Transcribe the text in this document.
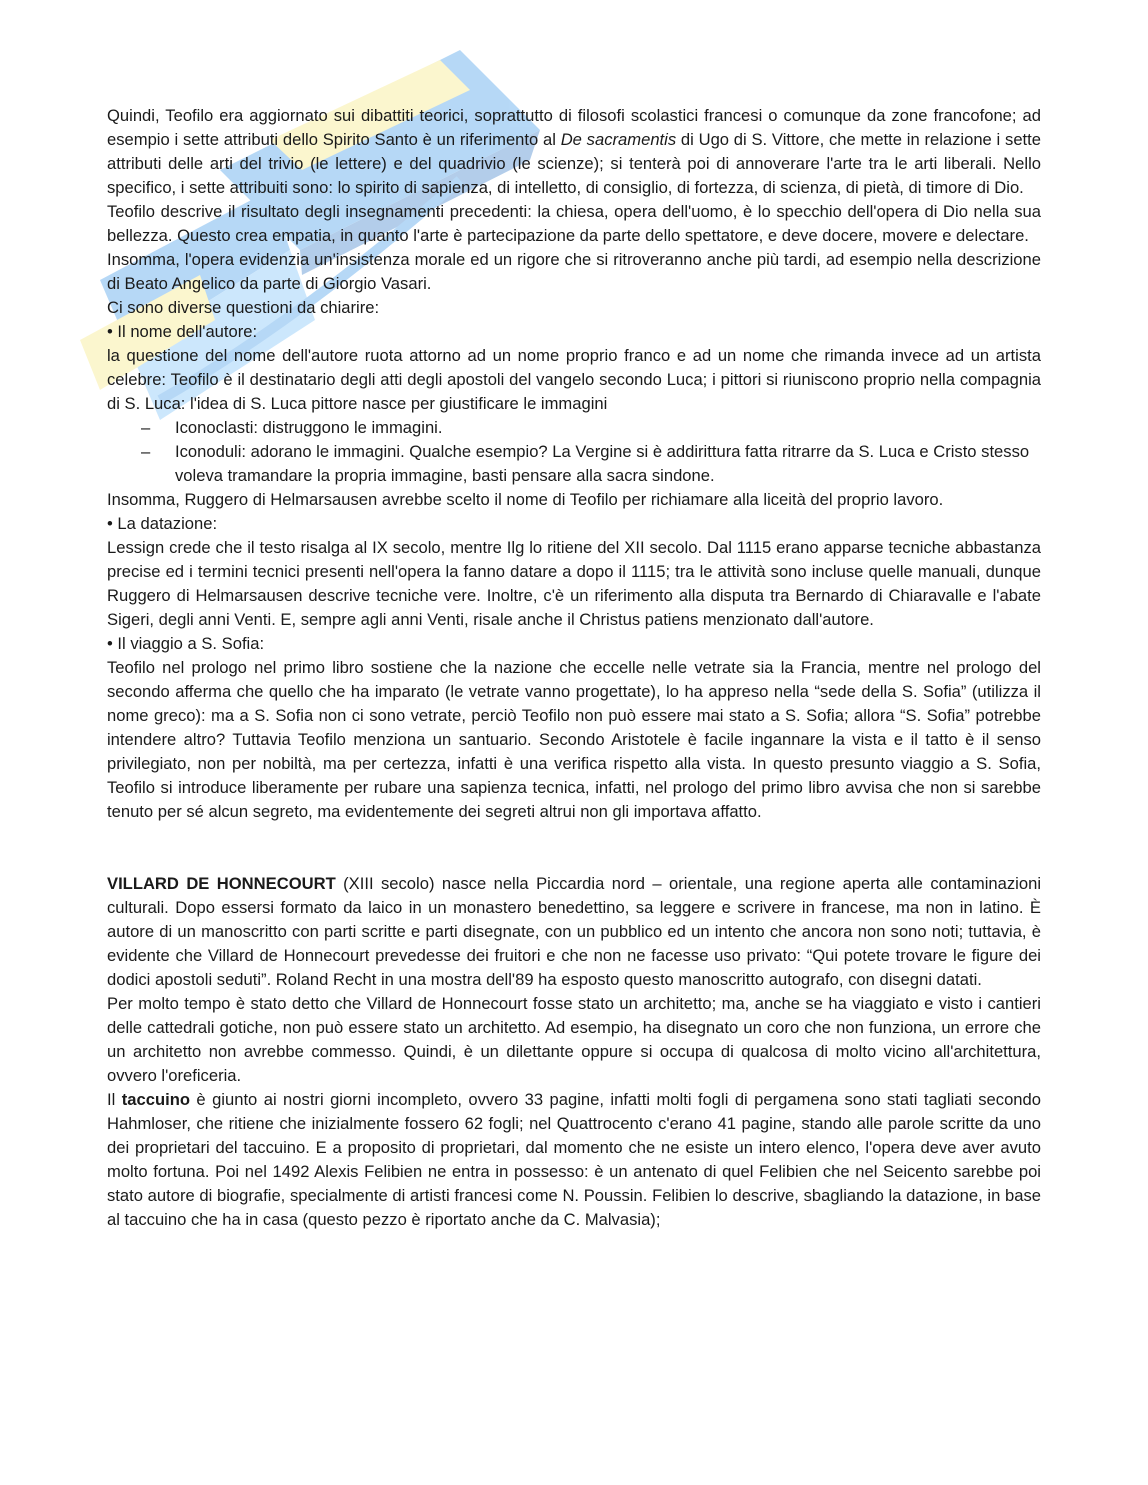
Quindi, Teofilo era aggiornato sui dibattiti teorici, soprattutto di filosofi scolastici francesi o comunque da zone francofone; ad esempio i sette attributi dello Spirito Santo è un riferimento al De sacramentis di Ugo di S. Vittore, che mette in relazione i sette attributi delle arti del trivio (le lettere) e del quadrivio (le scienze); si tenterà poi di annoverare l'arte tra le arti liberali. Nello specifico, i sette attribuiti sono: lo spirito di sapienza, di intelletto, di consiglio, di fortezza, di scienza, di pietà, di timore di Dio.

Teofilo descrive il risultato degli insegnamenti precedenti: la chiesa, opera dell'uomo, è lo specchio dell'opera di Dio nella sua bellezza. Questo crea empatia, in quanto l'arte è partecipazione da parte dello spettatore, e deve docere, movere e delectare.

Insomma, l'opera evidenzia un'insistenza morale ed un rigore che si ritroveranno anche più tardi, ad esempio nella descrizione di Beato Angelico da parte di Giorgio Vasari.

Ci sono diverse questioni da chiarire:

• Il nome dell'autore:

la questione del nome dell'autore ruota attorno ad un nome proprio franco e ad un nome che rimanda invece ad un artista celebre: Teofilo è il destinatario degli atti degli apostoli del vangelo secondo Luca; i pittori si riuniscono proprio nella compagnia di S. Luca: l'idea di S. Luca pittore nasce per giustificare le immagini

– Iconoclasti: distruggono le immagini.
– Iconoduli: adorano le immagini. Qualche esempio? La Vergine si è addirittura fatta ritrarre da S. Luca e Cristo stesso voleva tramandare la propria immagine, basti pensare alla sacra sindone.

Insomma, Ruggero di Helmarsausen avrebbe scelto il nome di Teofilo per richiamare alla liceità del proprio lavoro.

• La datazione:

Lessign crede che il testo risalga al IX secolo, mentre Ilg lo ritiene del XII secolo. Dal 1115 erano apparse tecniche abbastanza precise ed i termini tecnici presenti nell'opera la fanno datare a dopo il 1115; tra le attività sono incluse quelle manuali, dunque Ruggero di Helmarsausen descrive tecniche vere. Inoltre, c'è un riferimento alla disputa tra Bernardo di Chiaravalle e l'abate Sigeri, degli anni Venti. E, sempre agli anni Venti, risale anche il Christus patiens menzionato dall'autore.

• Il viaggio a S. Sofia:

Teofilo nel prologo nel primo libro sostiene che la nazione che eccelle nelle vetrate sia la Francia, mentre nel prologo del secondo afferma che quello che ha imparato (le vetrate vanno progettate), lo ha appreso nella “sede della S. Sofia” (utilizza il nome greco): ma a S. Sofia non ci sono vetrate, perciò Teofilo non può essere mai stato a S. Sofia; allora “S. Sofia” potrebbe intendere altro? Tuttavia Teofilo menziona un santuario. Secondo Aristotele è facile ingannare la vista e il tatto è il senso privilegiato, non per nobiltà, ma per certezza, infatti è una verifica rispetto alla vista. In questo presunto viaggio a S. Sofia, Teofilo si introduce liberamente per rubare una sapienza tecnica, infatti, nel prologo del primo libro avvisa che non si sarebbe tenuto per sé alcun segreto, ma evidentemente dei segreti altrui non gli importava affatto.

VILLARD DE HONNECOURT (XIII secolo) nasce nella Piccardia nord – orientale, una regione aperta alle contaminazioni culturali. Dopo essersi formato da laico in un monastero benedettino, sa leggere e scrivere in francese, ma non in latino. È autore di un manoscritto con parti scritte e parti disegnate, con un pubblico ed un intento che ancora non sono noti; tuttavia, è evidente che Villard de Honnecourt prevedesse dei fruitori e che non ne facesse uso privato: “Qui potete trovare le figure dei dodici apostoli seduti”. Roland Recht in una mostra dell'89 ha esposto questo manoscritto autografo, con disegni datati.

Per molto tempo è stato detto che Villard de Honnecourt fosse stato un architetto; ma, anche se ha viaggiato e visto i cantieri delle cattedrali gotiche, non può essere stato un architetto. Ad esempio, ha disegnato un coro che non funziona, un errore che un architetto non avrebbe commesso. Quindi, è un dilettante oppure si occupa di qualcosa di molto vicino all'architettura, ovvero l'oreficeria.

Il taccuino è giunto ai nostri giorni incompleto, ovvero 33 pagine, infatti molti fogli di pergamena sono stati tagliati secondo Hahmloser, che ritiene che inizialmente fossero 62 fogli; nel Quattrocento c'erano 41 pagine, stando alle parole scritte da uno dei proprietari del taccuino. E a proposito di proprietari, dal momento che ne esiste un intero elenco, l'opera deve aver avuto molto fortuna. Poi nel 1492 Alexis Felibien ne entra in possesso: è un antenato di quel Felibien che nel Seicento sarebbe poi stato autore di biografie, specialmente di artisti francesi come N. Poussin. Felibien lo descrive, sbagliando la datazione, in base al taccuino che ha in casa (questo pezzo è riportato anche da C. Malvasia);
